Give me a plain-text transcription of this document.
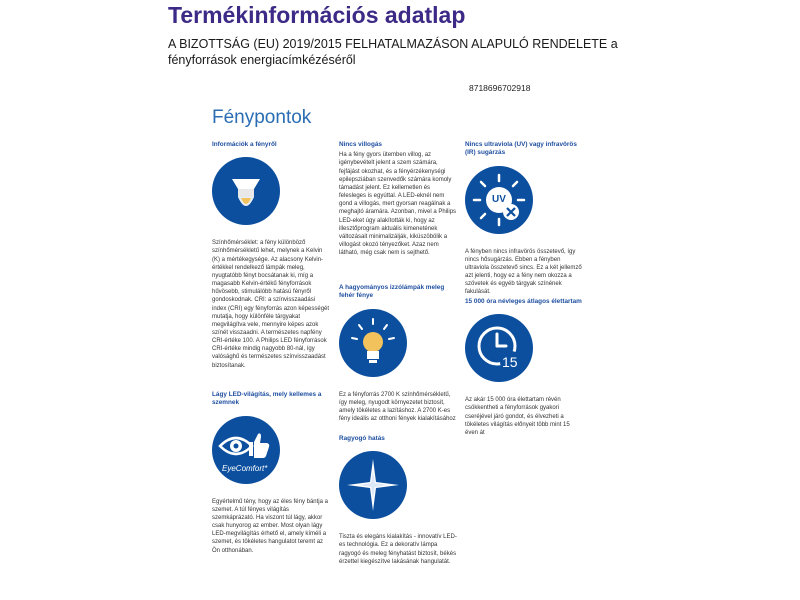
Termékinformációs adatlap
A BIZOTTSÁG (EU) 2019/2015 FELHATALMAZÁSON ALAPULÓ RENDELETE a fényforrások energiacímkézéséről
8718696702918
Fénypontok
Információk a fényről
Színhőmérséklet: a fény különböző színhőmérsékletű lehet, melynek a Kelvin (K) a mértékegysége. Az alacsony Kelvin-értékkel rendelkező lámpák meleg, nyugtatóbb fényt bocsátanak ki, míg a magasabb Kelvin-értékű fényforrások hűvösebb, stimulálóbb hatású fényről gondoskodnak. CRI: a színvisszaadási index (CRI) egy fényforrás azon képességét mutatja, hogy különféle tárgyakat megvilágítva vele, mennyire képes azok színét visszaadni. A természetes napfény CRI-értéke 100. A Philips LED fényforrások CRI-értéke mindig nagyobb 80-nál, így valósághű és természetes színvisszaadást biztosítanak.
Lágy LED-világítás, mely kellemes a szemnek
EyeComfort*
Egyértelmű tény, hogy az éles fény bántja a szemet. A túl fényes világítás szemkáprázató. Ha viszont túl lágy, akkor csak hunyorog az ember. Most olyan lágy LED-megvilágítás érhető el, amely kíméli a szemet, és tökéletes hangulatot teremt az Ön otthonában.
Nincs villogás
Ha a fény gyors ütemben villog, az igénybevételt jelent a szem számára, fejfájást okozhat, és a fényérzékenységi epilepsziában szenvedők számára komoly támadást jelent. Ez kellemetlen és felesleges is egyúttal. A LED-eknél nem gond a villogás, mert gyorsan reagálnak a meghajtó áramára. Azonban, mivel a Philips LED-eket úgy alakították ki, hogy az illesztőprogram aktuális kimenetének változásait minimalizálják, kiküszöbölik a villogást okozó tényezőket. Azaz nem látható, még csak nem is sejthető.
A hagyományos izzólámpák meleg fehér fénye
Ez a fényforrás 2700 K színhőmérsékletű, így meleg, nyugodt környezetet biztosít, amely tökéletes a lazításhoz. A 2700 K-es fény ideális az otthoni fények kialakításához
Ragyogó hatás
Tiszta és elegáns kialakítás - innovatív LED-es technológia. Ez a dekoratív lámpa ragyogó és meleg fényhatást biztosít, békés érzettel kiegészítve lakásának hangulatát.
Nincs ultraviola (UV) vagy infravörös (IR) sugárzás
UV
A fényben nincs infravörös összetevő, így nincs hősugárzás. Ebben a fényben ultraviola összetevő sincs. Ez a két jellemző azt jelenti, hogy ez a fény nem okozza a szövetek és egyéb tárgyak színének fakulását.
15 000 óra névleges átlagos élettartam
15
Az akár 15 000 óra élettartam révén csökkentheti a fényforrások gyakori cseréjével járó gondot, és élvezheti a tökéletes világítás előnyeit több mint 15 éven át
